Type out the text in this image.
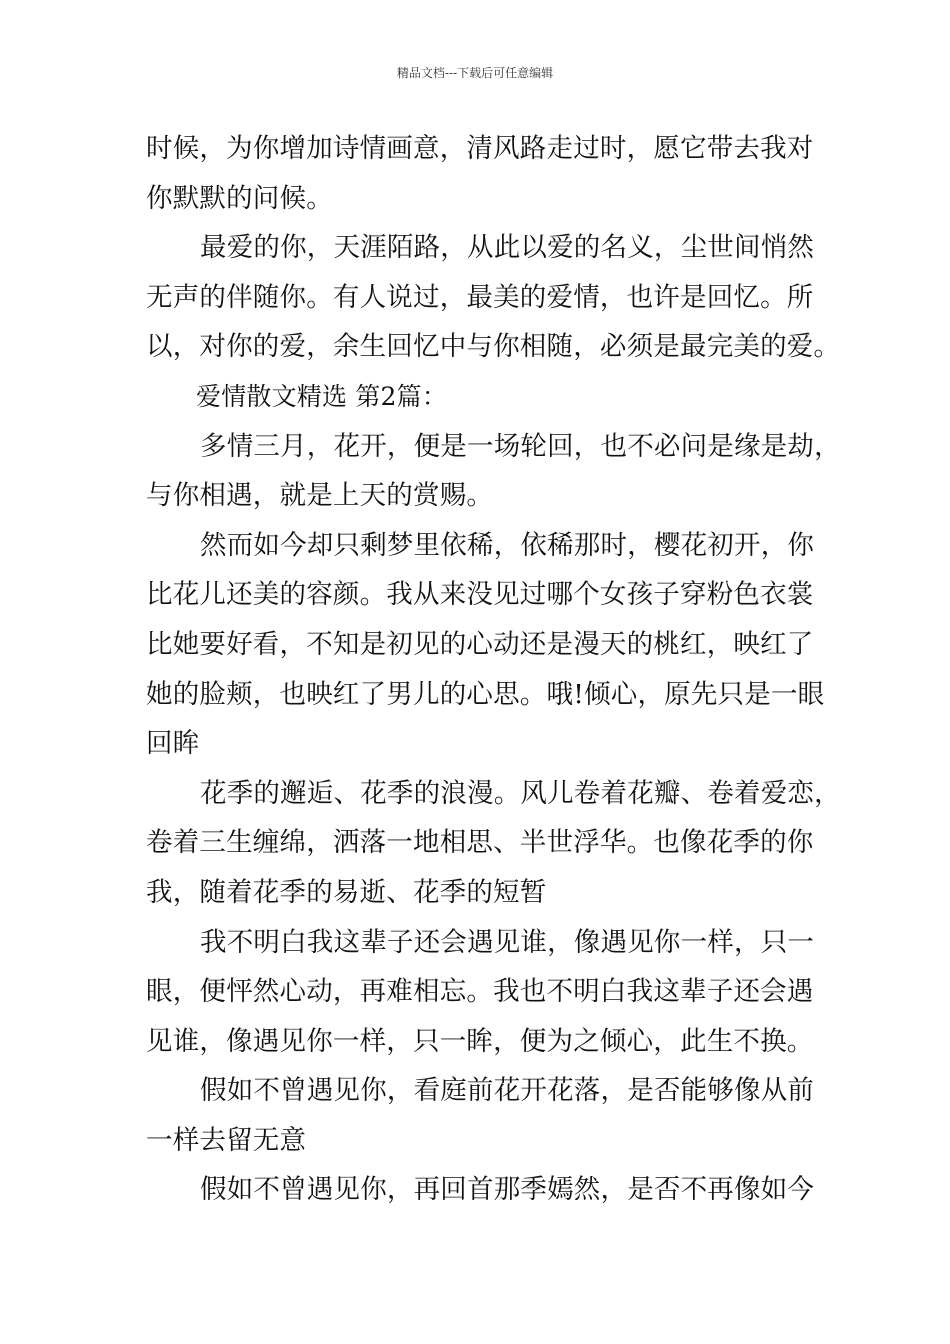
精品文档---下载后可任意编辑
时候，为你增加诗情画意，清风路走过时，愿它带去我对
你默默的问候。
最爱的你，天涯陌路，从此以爱的名义，尘世间悄然
无声的伴随你。有人说过，最美的爱情，也许是回忆。所
以，对你的爱，余生回忆中与你相随，必须是最完美的爱。
爱情散文精选 第2篇：
多情三月，花开，便是一场轮回，也不必问是缘是劫，
与你相遇，就是上天的赏赐。
然而如今却只剩梦里依稀，依稀那时，樱花初开，你
比花儿还美的容颜。我从来没见过哪个女孩子穿粉色衣裳
比她要好看，不知是初见的心动还是漫天的桃红，映红了
她的脸颊，也映红了男儿的心思。哦!倾心，原先只是一眼
回眸
花季的邂逅、花季的浪漫。风儿卷着花瓣、卷着爱恋，
卷着三生缠绵，洒落一地相思、半世浮华。也像花季的你
我，随着花季的易逝、花季的短暂
我不明白我这辈子还会遇见谁，像遇见你一样，只一
眼，便怦然心动，再难相忘。我也不明白我这辈子还会遇
见谁，像遇见你一样，只一眸，便为之倾心，此生不换。
假如不曾遇见你，看庭前花开花落，是否能够像从前
一样去留无意
假如不曾遇见你，再回首那季嫣然，是否不再像如今
